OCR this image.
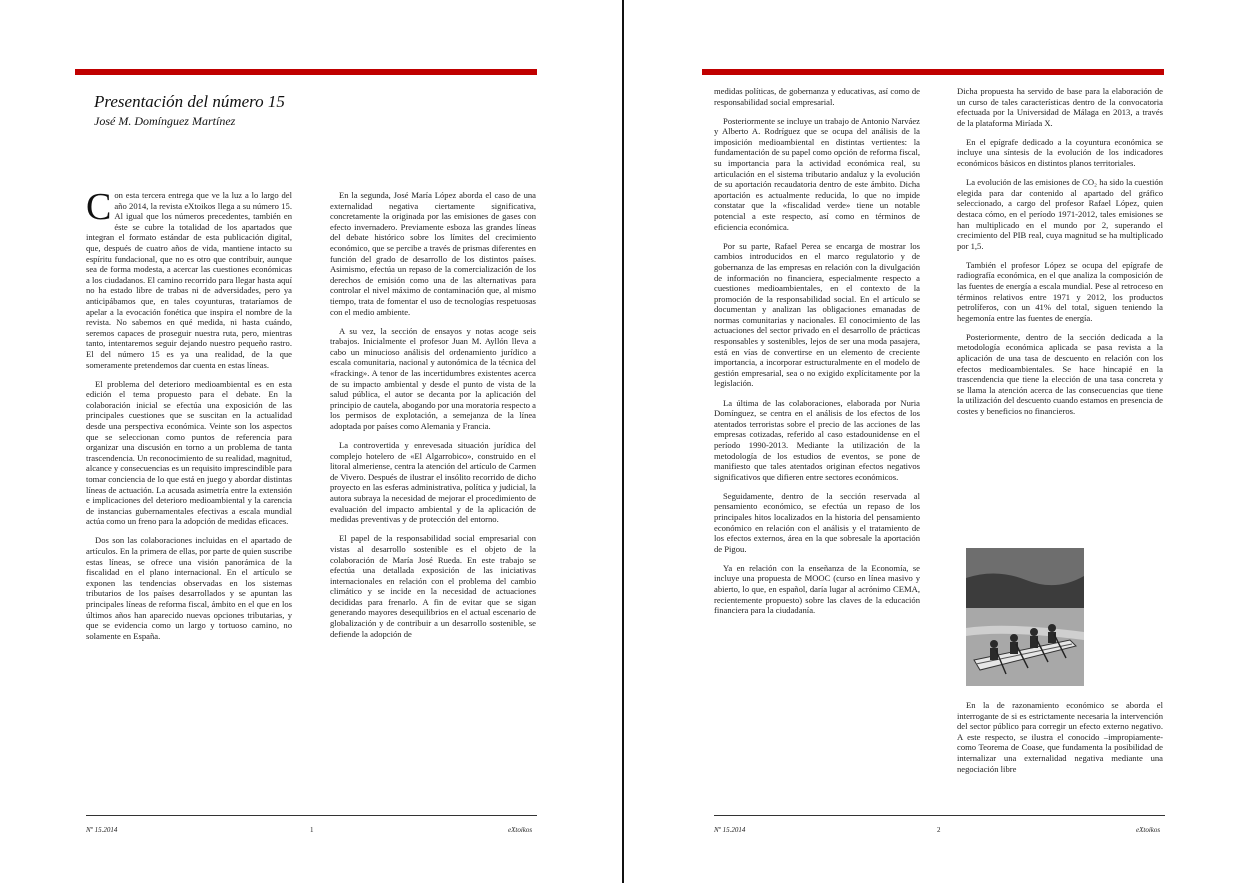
Presentación del número 15
José M. Domínguez Martínez

Con esta tercera entrega que ve la luz a lo largo del año 2014, la revista eXtoikos llega a su número 15. Al igual que los números precedentes, también en éste se cubre la totalidad de los apartados que integran el formato estándar de esta publicación digital, que, después de cuatro años de vida, mantiene intacto su espíritu fundacional, que no es otro que contribuir, aunque sea de forma modesta, a acercar las cuestiones económicas a los ciudadanos. El camino recorrido para llegar hasta aquí no ha estado libre de trabas ni de adversidades, pero ya anticipábamos que, en tales coyunturas, trataríamos de apelar a la evocación fonética que inspira el nombre de la revista. No sabemos en qué medida, ni hasta cuándo, seremos capaces de proseguir nuestra ruta, pero, mientras tanto, intentaremos seguir dejando nuestro pequeño rastro. El del número 15 es ya una realidad, de la que someramente pretendemos dar cuenta en estas líneas.

El problema del deterioro medioambiental es en esta edición el tema propuesto para el debate. En la colaboración inicial se efectúa una exposición de las principales cuestiones que se suscitan en la actualidad desde una perspectiva económica. Veinte son los aspectos que se seleccionan como puntos de referencia para organizar una discusión en torno a un problema de tanta trascendencia. Un reconocimiento de su realidad, magnitud, alcance y consecuencias es un requisito imprescindible para tomar conciencia de lo que está en juego y abordar distintas líneas de actuación. La acusada asimetría entre la extensión e implicaciones del deterioro medioambiental y la carencia de instancias gubernamentales efectivas a escala mundial actúa como un freno para la adopción de medidas eficaces.

Dos son las colaboraciones incluidas en el apartado de artículos. En la primera de ellas, por parte de quien suscribe estas líneas, se ofrece una visión panorámica de la fiscalidad en el plano internacional. En el artículo se exponen las tendencias observadas en los sistemas tributarios de los países desarrollados y se apuntan las principales líneas de reforma fiscal, ámbito en el que en los últimos años han aparecido nuevas opciones tributarias, y que se evidencia como un largo y tortuoso camino, no solamente en España.

En la segunda, José María López aborda el caso de una externalidad negativa ciertamente significativa, concretamente la originada por las emisiones de gases con efecto invernadero. Previamente esboza las grandes líneas del debate histórico sobre los límites del crecimiento económico, que se percibe a través de prismas diferentes en función del grado de desarrollo de los distintos países. Asimismo, efectúa un repaso de la comercialización de los derechos de emisión como una de las alternativas para controlar el nivel máximo de contaminación que, al mismo tiempo, trata de fomentar el uso de tecnologías respetuosas con el medio ambiente.

A su vez, la sección de ensayos y notas acoge seis trabajos. Inicialmente el profesor Juan M. Ayllón lleva a cabo un minucioso análisis del ordenamiento jurídico a escala comunitaria, nacional y autonómica de la técnica del «fracking». A tenor de las incertidumbres existentes acerca de su impacto ambiental y desde el punto de vista de la salud pública, el autor se decanta por la aplicación del principio de cautela, abogando por una moratoria respecto a los permisos de explotación, a semejanza de la línea adoptada por países como Alemania y Francia.

La controvertida y enrevesada situación jurídica del complejo hotelero de «El Algarrobico», construido en el litoral almeriense, centra la atención del artículo de Carmen de Vivero. Después de ilustrar el insólito recorrido de dicho proyecto en las esferas administrativa, política y judicial, la autora subraya la necesidad de mejorar el procedimiento de evaluación del impacto ambiental y de la aplicación de medidas preventivas y de protección del entorno.

El papel de la responsabilidad social empresarial con vistas al desarrollo sostenible es el objeto de la colaboración de María José Rueda. En este trabajo se efectúa una detallada exposición de las iniciativas internacionales en relación con el problema del cambio climático y se incide en la necesidad de actuaciones decididas para frenarlo. A fin de evitar que se sigan generando mayores desequilibrios en el actual escenario de globalización y de contribuir a un desarrollo sostenible, se defiende la adopción de

Nº 15.2014	1	eXtoikos

medidas políticas, de gobernanza y educativas, así como de responsabilidad social empresarial.

Posteriormente se incluye un trabajo de Antonio Narváez y Alberto A. Rodríguez que se ocupa del análisis de la imposición medioambiental en distintas vertientes: la fundamentación de su papel como opción de reforma fiscal, su importancia para la actividad económica real, su articulación en el sistema tributario andaluz y la evolución de su aportación recaudatoria dentro de este ámbito. Dicha aportación es actualmente reducida, lo que no impide constatar que la «fiscalidad verde» tiene un notable potencial a este respecto, así como en términos de eficiencia económica.

Por su parte, Rafael Perea se encarga de mostrar los cambios introducidos en el marco regulatorio y de gobernanza de las empresas en relación con la divulgación de información no financiera, especialmente respecto a cuestiones medioambientales, en el contexto de la promoción de la responsabilidad social. En el artículo se documentan y analizan las obligaciones emanadas de normas comunitarias y nacionales. El conocimiento de las actuaciones del sector privado en el desarrollo de prácticas responsables y sostenibles, lejos de ser una moda pasajera, está en vías de convertirse en un elemento de creciente importancia, a incorporar estructuralmente en el modelo de gestión empresarial, sea o no exigido explícitamente por la legislación.

La última de las colaboraciones, elaborada por Nuria Domínguez, se centra en el análisis de los efectos de los atentados terroristas sobre el precio de las acciones de las empresas cotizadas, referido al caso estadounidense en el período 1990-2013. Mediante la utilización de la metodología de los estudios de eventos, se pone de manifiesto que tales atentados originan efectos negativos significativos que difieren entre sectores económicos.

Seguidamente, dentro de la sección reservada al pensamiento económico, se efectúa un repaso de los principales hitos localizados en la historia del pensamiento económico en relación con el análisis y el tratamiento de los efectos externos, área en la que sobresale la aportación de Pigou.

Ya en relación con la enseñanza de la Economía, se incluye una propuesta de MOOC (curso en línea masivo y abierto, lo que, en español, daría lugar al acrónimo CEMA, recientemente propuesto) sobre las claves de la educación financiera para la ciudadanía.

Dicha propuesta ha servido de base para la elaboración de un curso de tales características dentro de la convocatoria efectuada por la Universidad de Málaga en 2013, a través de la plataforma Miríada X.

En el epígrafe dedicado a la coyuntura económica se incluye una síntesis de la evolución de los indicadores económicos básicos en distintos planos territoriales.

La evolución de las emisiones de CO₂ ha sido la cuestión elegida para dar contenido al apartado del gráfico seleccionado, a cargo del profesor Rafael López, quien destaca cómo, en el período 1971-2012, tales emisiones se han multiplicado en el mundo por 2, superando el crecimiento del PIB real, cuya magnitud se ha multiplicado por 1,5.

También el profesor López se ocupa del epígrafe de radiografía económica, en el que analiza la composición de las fuentes de energía a escala mundial. Pese al retroceso en términos relativos entre 1971 y 2012, los productos petrolíferos, con un 41% del total, siguen teniendo la hegemonía entre las fuentes de energía.

Posteriormente, dentro de la sección dedicada a la metodología económica aplicada se pasa revista a la aplicación de una tasa de descuento en relación con los efectos medioambientales. Se hace hincapié en la trascendencia que tiene la elección de una tasa concreta y se llama la atención acerca de las consecuencias que tiene la utilización del descuento cuando estamos en presencia de costes y beneficios no financieros.

En la de razonamiento económico se aborda el interrogante de si es estrictamente necesaria la intervención del sector público para corregir un efecto externo negativo. A este respecto, se ilustra el conocido –impropiamente- como Teorema de Coase, que fundamenta la posibilidad de internalizar una externalidad negativa mediante una negociación libre

Nº 15.2014	2	eXtoikos
